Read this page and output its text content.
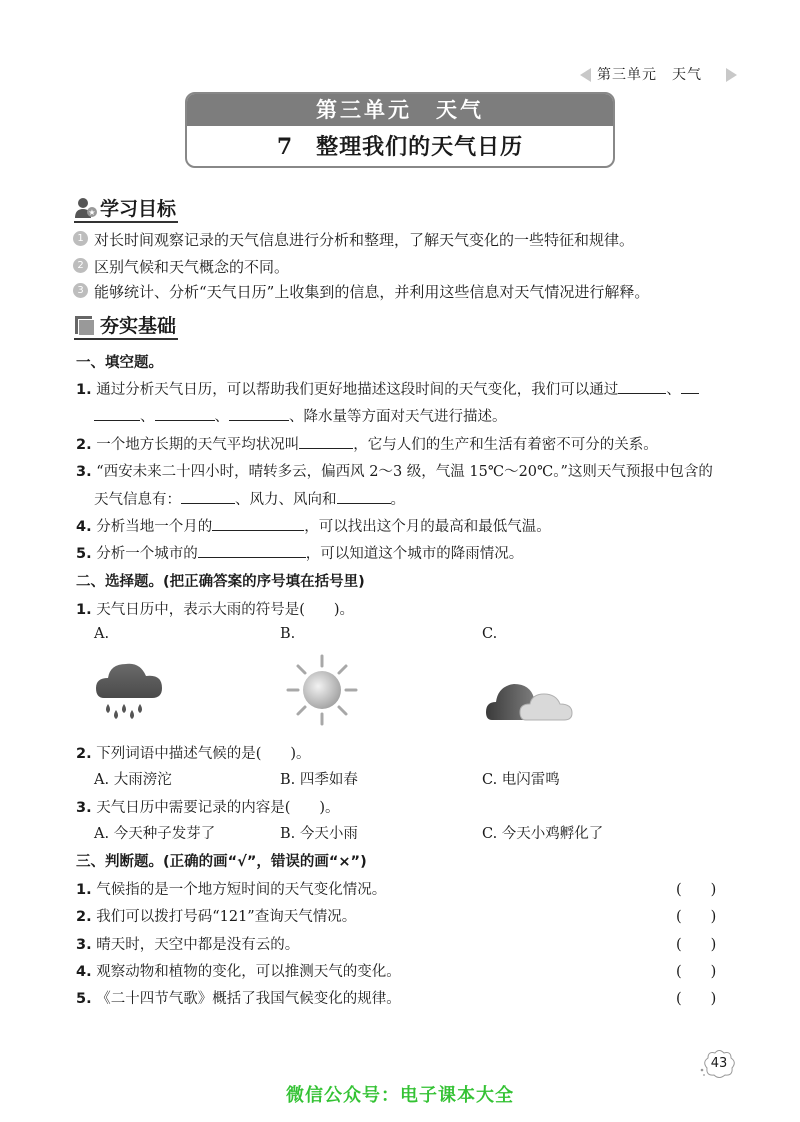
第三单元　天气
第三单元　天气
7　整理我们的天气日历
★ 学习目标
1 对长时间观察记录的天气信息进行分析和整理，了解天气变化的一些特征和规律。
2 区别气候和天气概念的不同。
3 能够统计、分析“天气日历”上收集到的信息，并利用这些信息对天气情况进行解释。
夯实基础
一、填空题。
1. 通过分析天气日历，可以帮助我们更好地描述这段时间的天气变化，我们可以通过	、
、	、	、降水量等方面对天气进行描述。
2. 一个地方长期的天气平均状况叫	，它与人们的生产和生活有着密不可分的关系。
3. “西安未来二十四小时，晴转多云，偏西风 2～3 级，气温 15℃～20℃。”这则天气预报中包含的
天气信息有：	、风力、风向和	。
4. 分析当地一个月的	，可以找出这个月的最高和最低气温。
5. 分析一个城市的	，可以知道这个城市的降雨情况。
二、选择题。(把正确答案的序号填在括号里)
1. 天气日历中，表示大雨的符号是(　　)。
A.	B.	C.
2. 下列词语中描述气候的是(　　)。
A. 大雨滂沱	B. 四季如春	C. 电闪雷鸣
3. 天气日历中需要记录的内容是(　　)。
A. 今天种子发芽了	B. 今天小雨	C. 今天小鸡孵化了
三、判断题。(正确的画“√”，错误的画“×”)
1. 气候指的是一个地方短时间的天气变化情况。	(　　)
2. 我们可以拨打号码“121”查询天气情况。	(　　)
3. 晴天时，天空中都是没有云的。	(　　)
4. 观察动物和植物的变化，可以推测天气的变化。	(　　)
5. 《二十四节气歌》概括了我国气候变化的规律。	(　　)
43
微信公众号：电子课本大全
